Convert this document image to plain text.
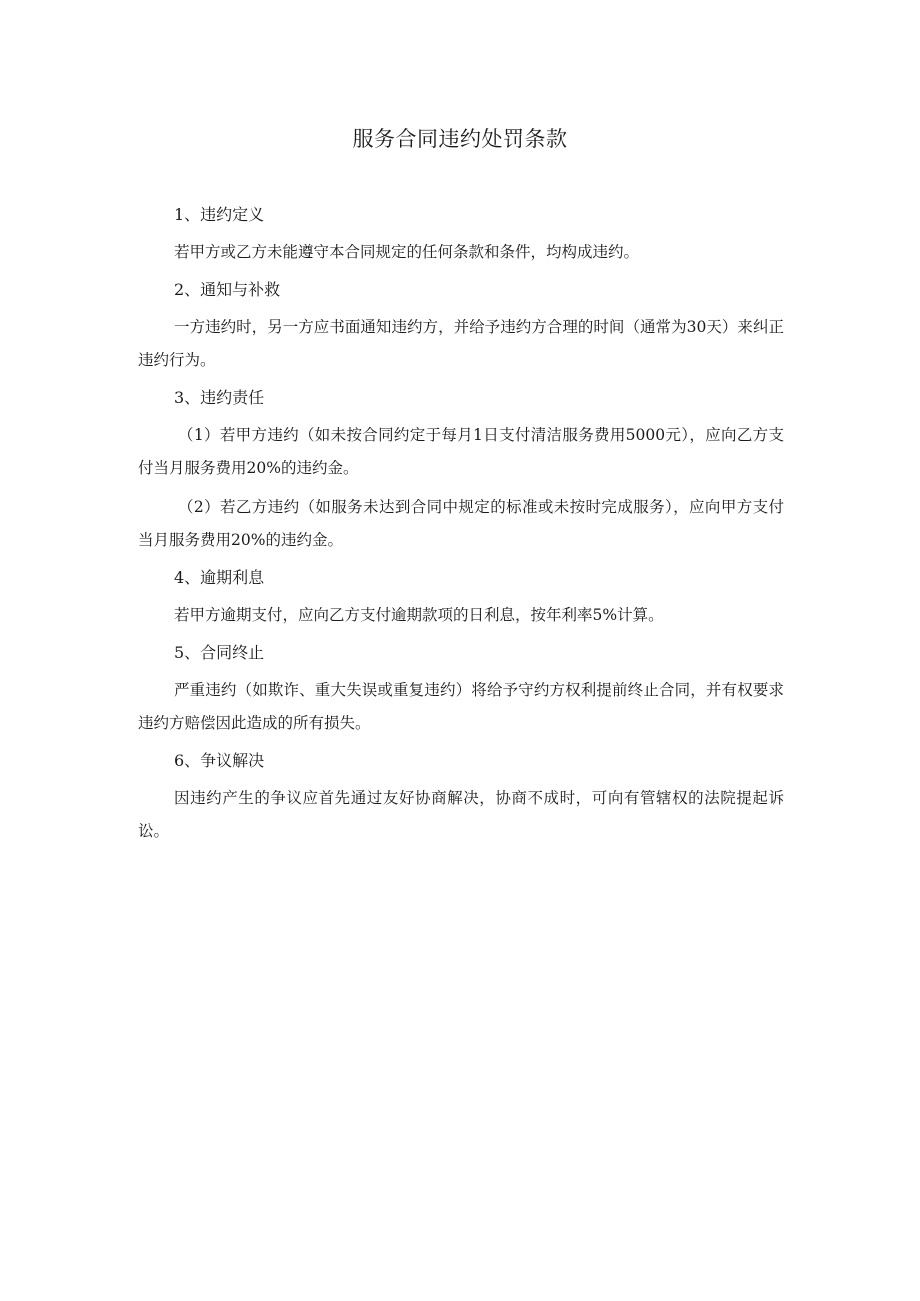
服务合同违约处罚条款
1、违约定义
若甲方或乙方未能遵守本合同规定的任何条款和条件，均构成违约。
2、通知与补救
一方违约时，另一方应书面通知违约方，并给予违约方合理的时间（通常为30天）来纠正违约行为。
3、违约责任
（1）若甲方违约（如未按合同约定于每月1日支付清洁服务费用5000元），应向乙方支付当月服务费用20%的违约金。
（2）若乙方违约（如服务未达到合同中规定的标准或未按时完成服务），应向甲方支付当月服务费用20%的违约金。
4、逾期利息
若甲方逾期支付，应向乙方支付逾期款项的日利息，按年利率5%计算。
5、合同终止
严重违约（如欺诈、重大失误或重复违约）将给予守约方权利提前终止合同，并有权要求违约方赔偿因此造成的所有损失。
6、争议解决
因违约产生的争议应首先通过友好协商解决，协商不成时，可向有管辖权的法院提起诉讼。
